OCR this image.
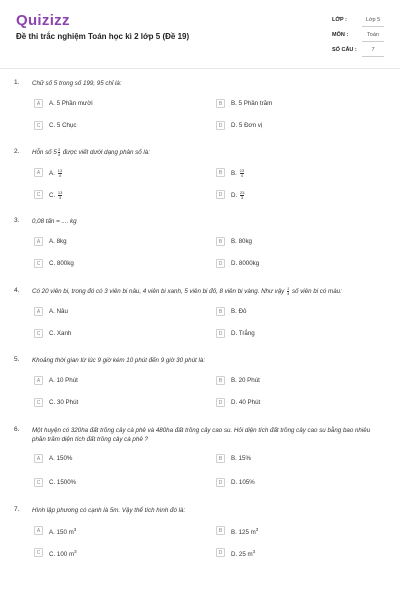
Quizizz
Đề thi trắc nghiệm Toán học kì 2 lớp 5 (Đề 19)
LỚP :	Lớp 5
MÔN :	Toán
SỐ CÂU :	7
1. Chữ số 5 trong số 199, 95 chỉ là:
A	A. 5 Phần mười	B	B. 5 Phần trăm
C	C. 5 Chục	D	D. 5 Đơn vị
2. Hỗn số $5 \frac{3}{4}$ được viết dưới dạng phân số là:
A	A. $\frac{13}{4}$	B	B. $\frac{23}{4}$
C	C. $\frac{13}{3}$	D	D. $\frac{23}{3}$
3. 0,08 tấn = .... kg
A	A. 8kg	B	B. 80kg
C	C. 800kg	D	D. 8000kg
4. Có 20 viên bi, trong đó có 3 viên bi nâu, 4 viên bi xanh, 5 viên bi đỏ, 8 viên bi vàng. Như vậy $\frac{1}{4}$ số viên bi có màu:
A	A. Nâu	B	B. Đỏ
C	C. Xanh	D	D. Trắng
5. Khoảng thời gian từ lúc 9 giờ kém 10 phút đến 9 giờ 30 phút là:
A	A. 10 Phút	B	B. 20 Phút
C	C. 30 Phút	D	D. 40 Phút
6. Một huyện có 320ha đất trồng cây cà phê và 480ha đất trồng cây cao su. Hỏi diện tích đất trồng cây cao su bằng bao nhiêu phần trăm diện tích đất trồng cây cà phê ?
A	A. 150%	B	B. 15%
C	C. 1500%	D	D. 105%
7. Hình lập phương có cạnh là 5m. Vậy thể tích hình đó là:
A	A. 150 $m^3$	B	B. 125 $m^3$
C	C. 100 $m^3$	D	D. 25 $m^3$
